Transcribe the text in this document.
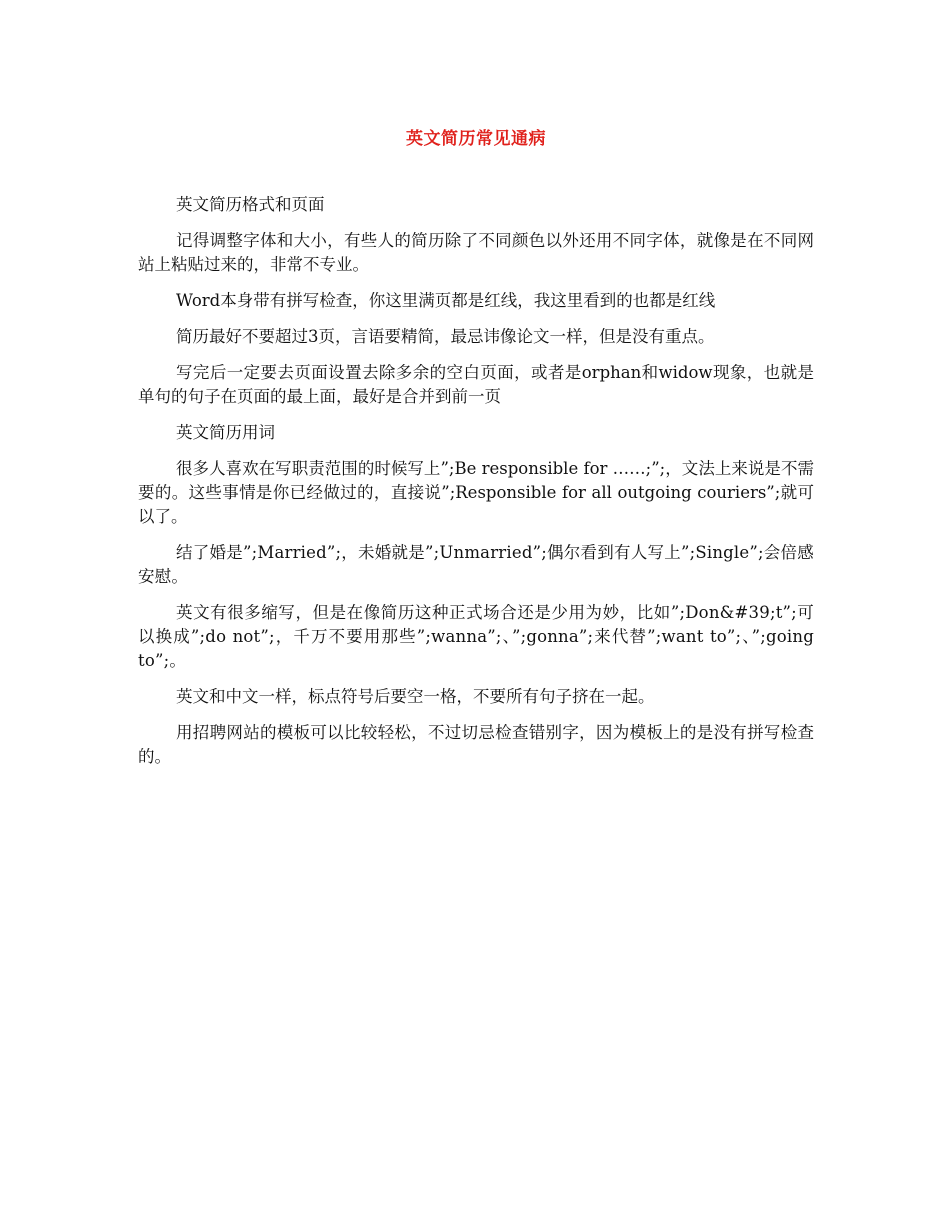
英文简历常见通病

英文简历格式和页面

记得调整字体和大小，有些人的简历除了不同颜色以外还用不同字体，就像是在不同网站上粘贴过来的，非常不专业。

Word本身带有拼写检查，你这里满页都是红线，我这里看到的也都是红线

简历最好不要超过3页，言语要精简，最忌讳像论文一样，但是没有重点。

写完后一定要去页面设置去除多余的空白页面，或者是orphan和widow现象，也就是单句的句子在页面的最上面，最好是合并到前一页

英文简历用词

很多人喜欢在写职责范围的时候写上”;Be responsible for ……;”;，文法上来说是不需要的。这些事情是你已经做过的，直接说”;Responsible for all outgoing couriers”;就可以了。

结了婚是”;Married”;，未婚就是”;Unmarried”;偶尔看到有人写上”;Single”;会倍感安慰。

英文有很多缩写，但是在像简历这种正式场合还是少用为妙，比如”;Don&#39;t”;可以换成”;do not”;，千万不要用那些”;wanna”;、”;gonna”;来代替”;want to”;、”;going to”;。

英文和中文一样，标点符号后要空一格，不要所有句子挤在一起。

用招聘网站的模板可以比较轻松，不过切忌检查错别字，因为模板上的是没有拼写检查的。
